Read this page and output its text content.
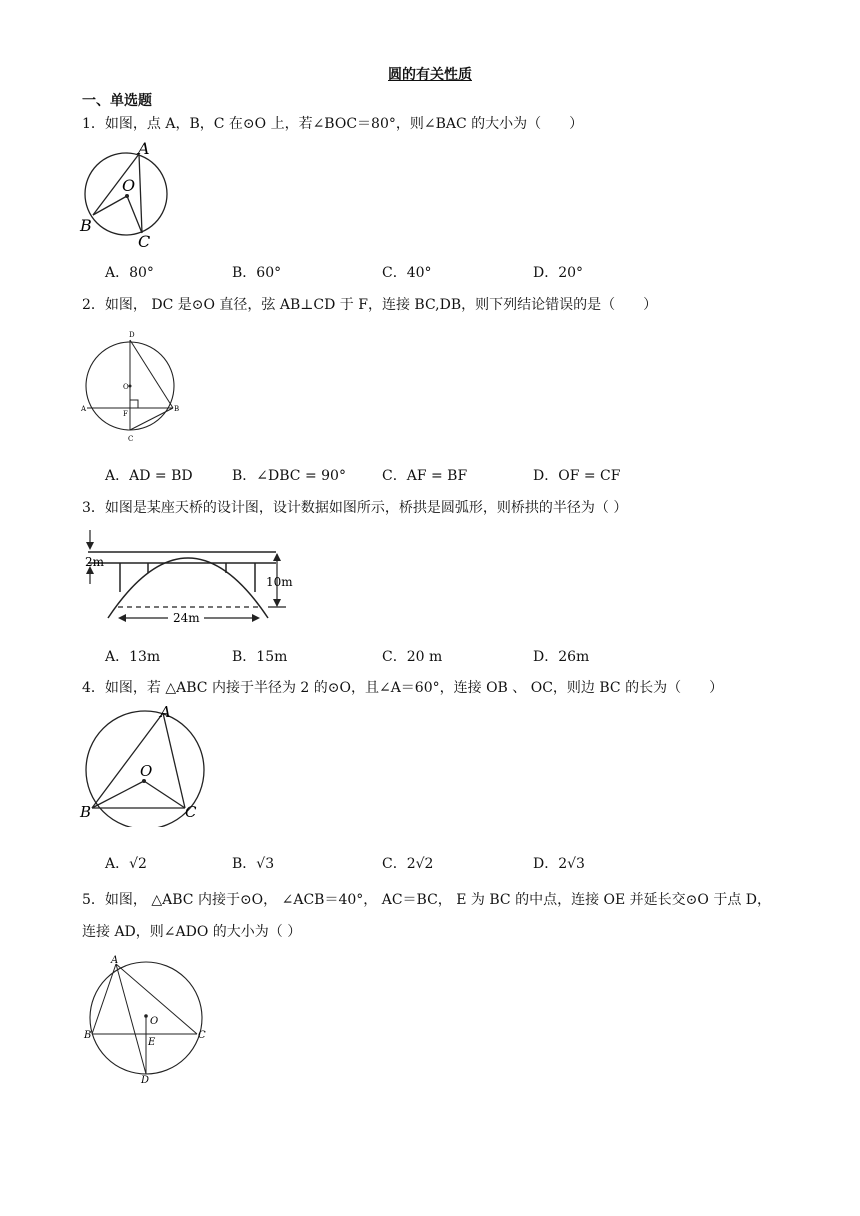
圆的有关性质
一、单选题
1．如图，点 A，B，C 在⊙O 上，若∠BOC＝80°，则∠BAC 的大小为（　　）
A
O
B
C
A．80°	B．60°	C．40°	D．20°
2．如图， DC 是⊙O 直径，弦 AB⊥CD 于 F，连接 BC,DB，则下列结论错误的是（　　）
D
O
A
F
B
C
A．AD = BD	B．∠DBC = 90°	C．AF = BF	D．OF = CF
3．如图是某座天桥的设计图，设计数据如图所示，桥拱是圆弧形，则桥拱的半径为（ ）
2m
10m
24m
A．13m	B．15m	C．20 m	D．26m
4．如图，若 △ABC 内接于半径为 2 的⊙O，且∠A＝60°，连接 OB 、 OC，则边 BC 的长为（　　）
A
O
B	C
A．√2	B．√3	C．2√2	D．2√3
5．如图， △ABC 内接于⊙O， ∠ACB＝40°， AC＝BC， E 为 BC 的中点，连接 OE 并延长交⊙O 于点 D，连接 AD，则∠ADO 的大小为（ ）
A
O
B	C
E
D
